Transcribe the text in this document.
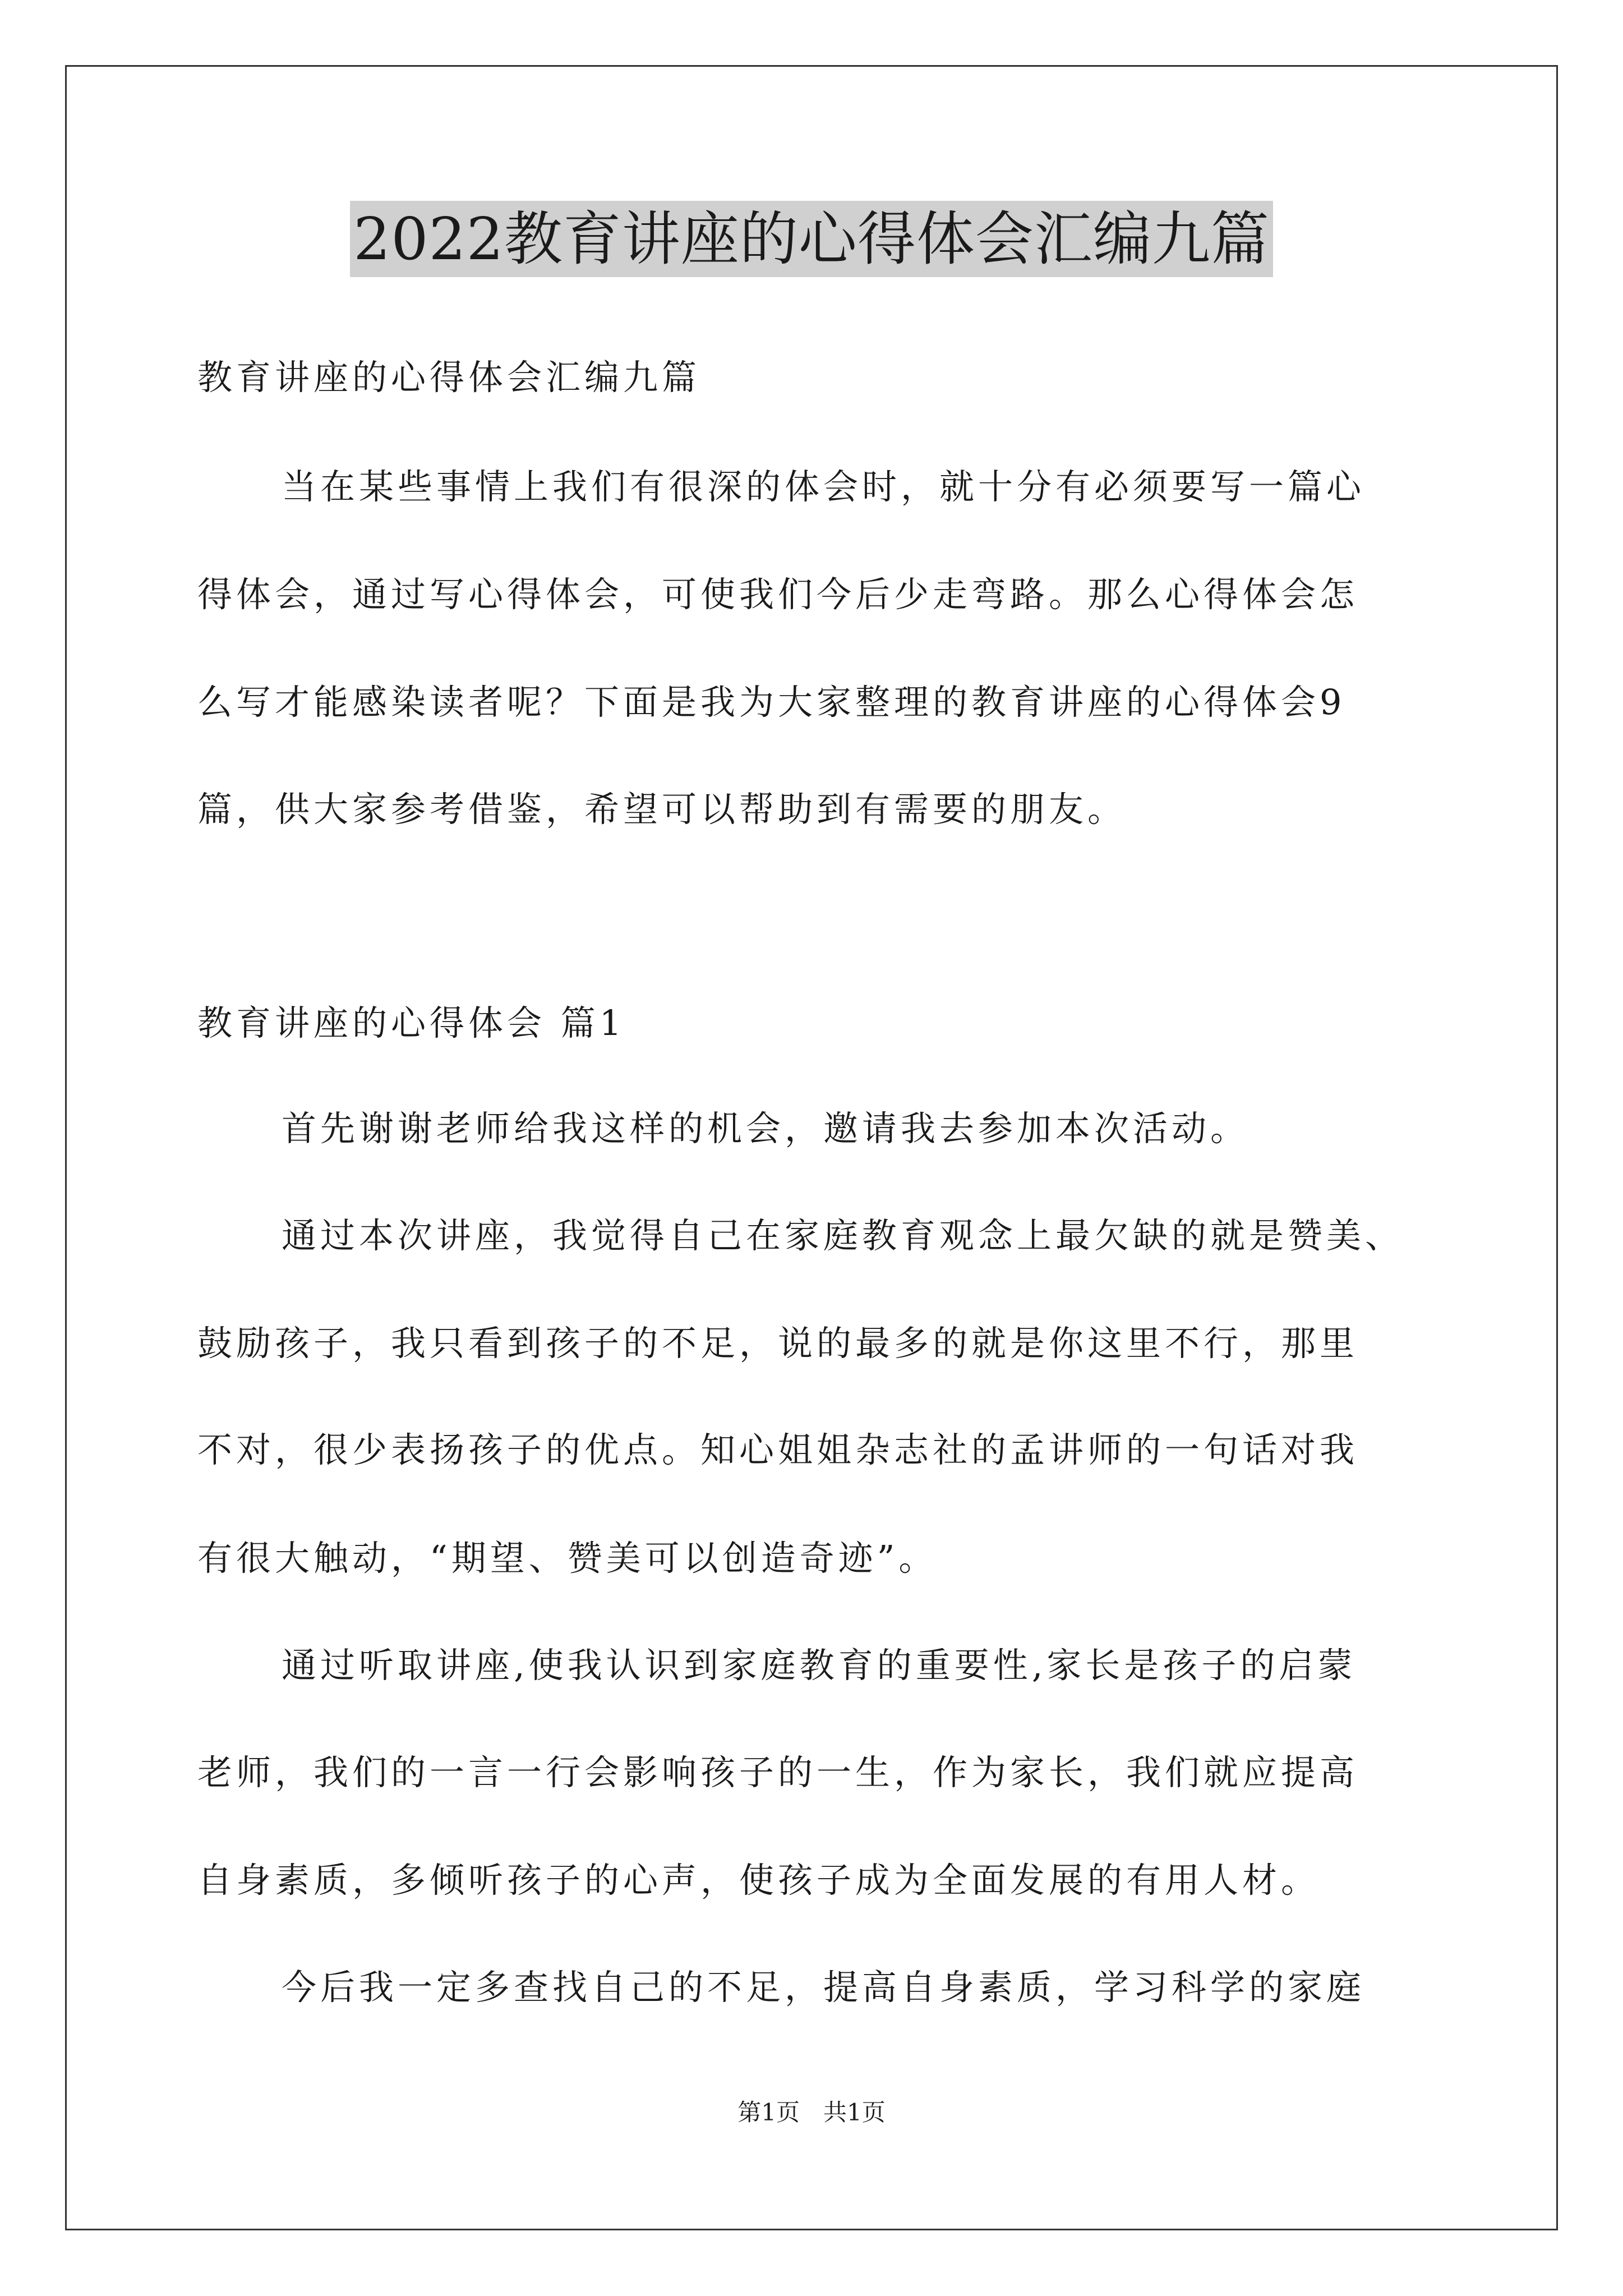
2022教育讲座的心得体会汇编九篇
教育讲座的心得体会汇编九篇
当在某些事情上我们有很深的体会时，就十分有必须要写一篇心
得体会，通过写心得体会，可使我们今后少走弯路。那么心得体会怎
么写才能感染读者呢？下面是我为大家整理的教育讲座的心得体会9
篇，供大家参考借鉴，希望可以帮助到有需要的朋友。
教育讲座的心得体会 篇1
首先谢谢老师给我这样的机会，邀请我去参加本次活动。
通过本次讲座，我觉得自己在家庭教育观念上最欠缺的就是赞美、
鼓励孩子，我只看到孩子的不足，说的最多的就是你这里不行，那里
不对，很少表扬孩子的优点。知心姐姐杂志社的孟讲师的一句话对我
有很大触动，“期望、赞美可以创造奇迹”。
通过听取讲座,使我认识到家庭教育的重要性,家长是孩子的启蒙
老师，我们的一言一行会影响孩子的一生，作为家长，我们就应提高
自身素质，多倾听孩子的心声，使孩子成为全面发展的有用人材。
今后我一定多查找自己的不足，提高自身素质，学习科学的家庭
第1页　共1页
